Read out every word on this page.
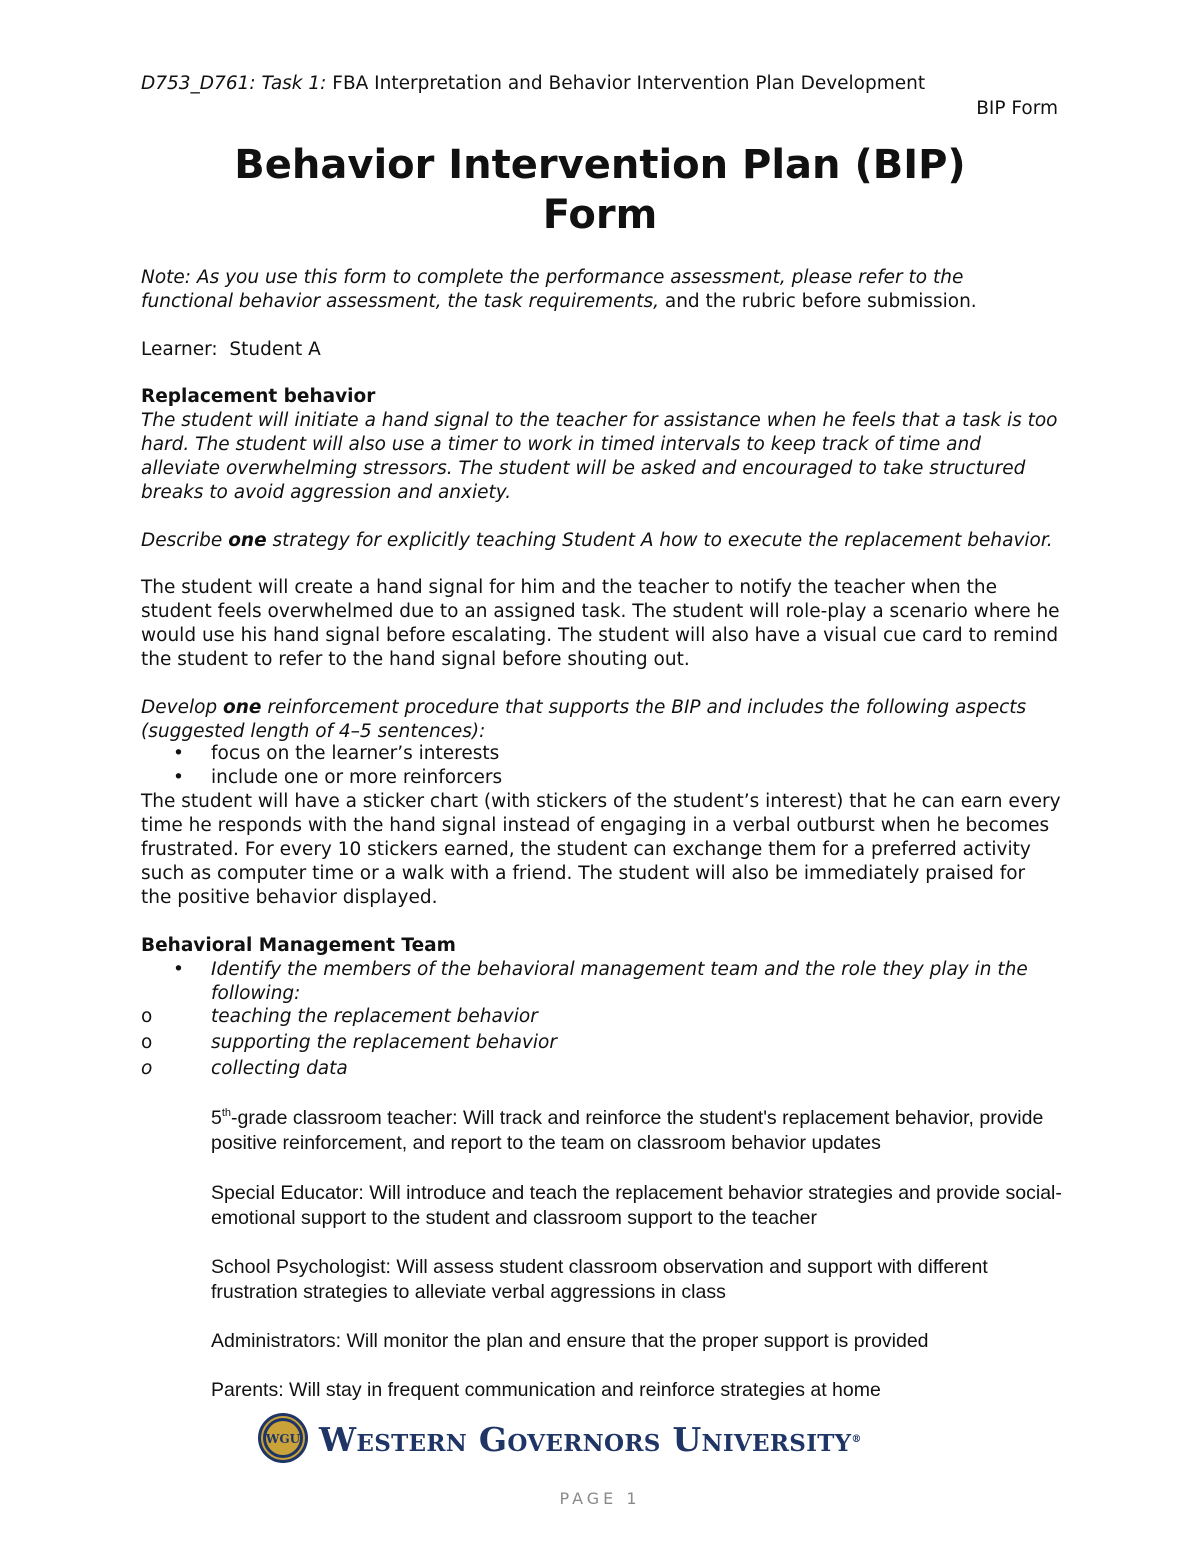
D753_D761: Task 1: FBA Interpretation and Behavior Intervention Plan Development
BIP Form
Behavior Intervention Plan (BIP)
Form
Note: As you use this form to complete the performance assessment, please refer to the functional behavior assessment, the task requirements, and the rubric before submission.
Learner: Student A
Replacement behavior
The student will initiate a hand signal to the teacher for assistance when he feels that a task is too hard. The student will also use a timer to work in timed intervals to keep track of time and alleviate overwhelming stressors. The student will be asked and encouraged to take structured breaks to avoid aggression and anxiety.
Describe one strategy for explicitly teaching Student A how to execute the replacement behavior.
The student will create a hand signal for him and the teacher to notify the teacher when the student feels overwhelmed due to an assigned task. The student will role-play a scenario where he would use his hand signal before escalating. The student will also have a visual cue card to remind the student to refer to the hand signal before shouting out.
Develop one reinforcement procedure that supports the BIP and includes the following aspects (suggested length of 4–5 sentences):
• focus on the learner’s interests
• include one or more reinforcers
The student will have a sticker chart (with stickers of the student’s interest) that he can earn every time he responds with the hand signal instead of engaging in a verbal outburst when he becomes frustrated. For every 10 stickers earned, the student can exchange them for a preferred activity such as computer time or a walk with a friend. The student will also be immediately praised for the positive behavior displayed.
Behavioral Management Team
• Identify the members of the behavioral management team and the role they play in the following:
o	teaching the replacement behavior
o	supporting the replacement behavior
o	collecting data
5th-grade classroom teacher: Will track and reinforce the student's replacement behavior, provide positive reinforcement, and report to the team on classroom behavior updates
Special Educator: Will introduce and teach the replacement behavior strategies and provide social-emotional support to the student and classroom support to the teacher
School Psychologist: Will assess student classroom observation and support with different frustration strategies to alleviate verbal aggressions in class
Administrators: Will monitor the plan and ensure that the proper support is provided
Parents: Will stay in frequent communication and reinforce strategies at home
WGU Western Governors University®
PAGE 1
